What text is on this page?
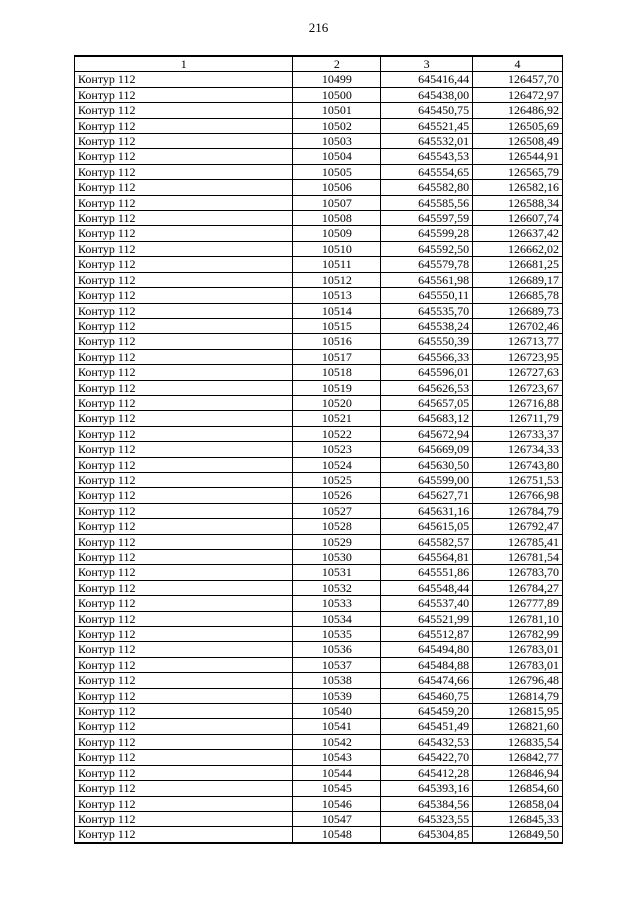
216
1	2	3	4
Контур 112	10499	645416,44	126457,70
Контур 112	10500	645438,00	126472,97
Контур 112	10501	645450,75	126486,92
Контур 112	10502	645521,45	126505,69
Контур 112	10503	645532,01	126508,49
Контур 112	10504	645543,53	126544,91
Контур 112	10505	645554,65	126565,79
Контур 112	10506	645582,80	126582,16
Контур 112	10507	645585,56	126588,34
Контур 112	10508	645597,59	126607,74
Контур 112	10509	645599,28	126637,42
Контур 112	10510	645592,50	126662,02
Контур 112	10511	645579,78	126681,25
Контур 112	10512	645561,98	126689,17
Контур 112	10513	645550,11	126685,78
Контур 112	10514	645535,70	126689,73
Контур 112	10515	645538,24	126702,46
Контур 112	10516	645550,39	126713,77
Контур 112	10517	645566,33	126723,95
Контур 112	10518	645596,01	126727,63
Контур 112	10519	645626,53	126723,67
Контур 112	10520	645657,05	126716,88
Контур 112	10521	645683,12	126711,79
Контур 112	10522	645672,94	126733,37
Контур 112	10523	645669,09	126734,33
Контур 112	10524	645630,50	126743,80
Контур 112	10525	645599,00	126751,53
Контур 112	10526	645627,71	126766,98
Контур 112	10527	645631,16	126784,79
Контур 112	10528	645615,05	126792,47
Контур 112	10529	645582,57	126785,41
Контур 112	10530	645564,81	126781,54
Контур 112	10531	645551,86	126783,70
Контур 112	10532	645548,44	126784,27
Контур 112	10533	645537,40	126777,89
Контур 112	10534	645521,99	126781,10
Контур 112	10535	645512,87	126782,99
Контур 112	10536	645494,80	126783,01
Контур 112	10537	645484,88	126783,01
Контур 112	10538	645474,66	126796,48
Контур 112	10539	645460,75	126814,79
Контур 112	10540	645459,20	126815,95
Контур 112	10541	645451,49	126821,60
Контур 112	10542	645432,53	126835,54
Контур 112	10543	645422,70	126842,77
Контур 112	10544	645412,28	126846,94
Контур 112	10545	645393,16	126854,60
Контур 112	10546	645384,56	126858,04
Контур 112	10547	645323,55	126845,33
Контур 112	10548	645304,85	126849,50
